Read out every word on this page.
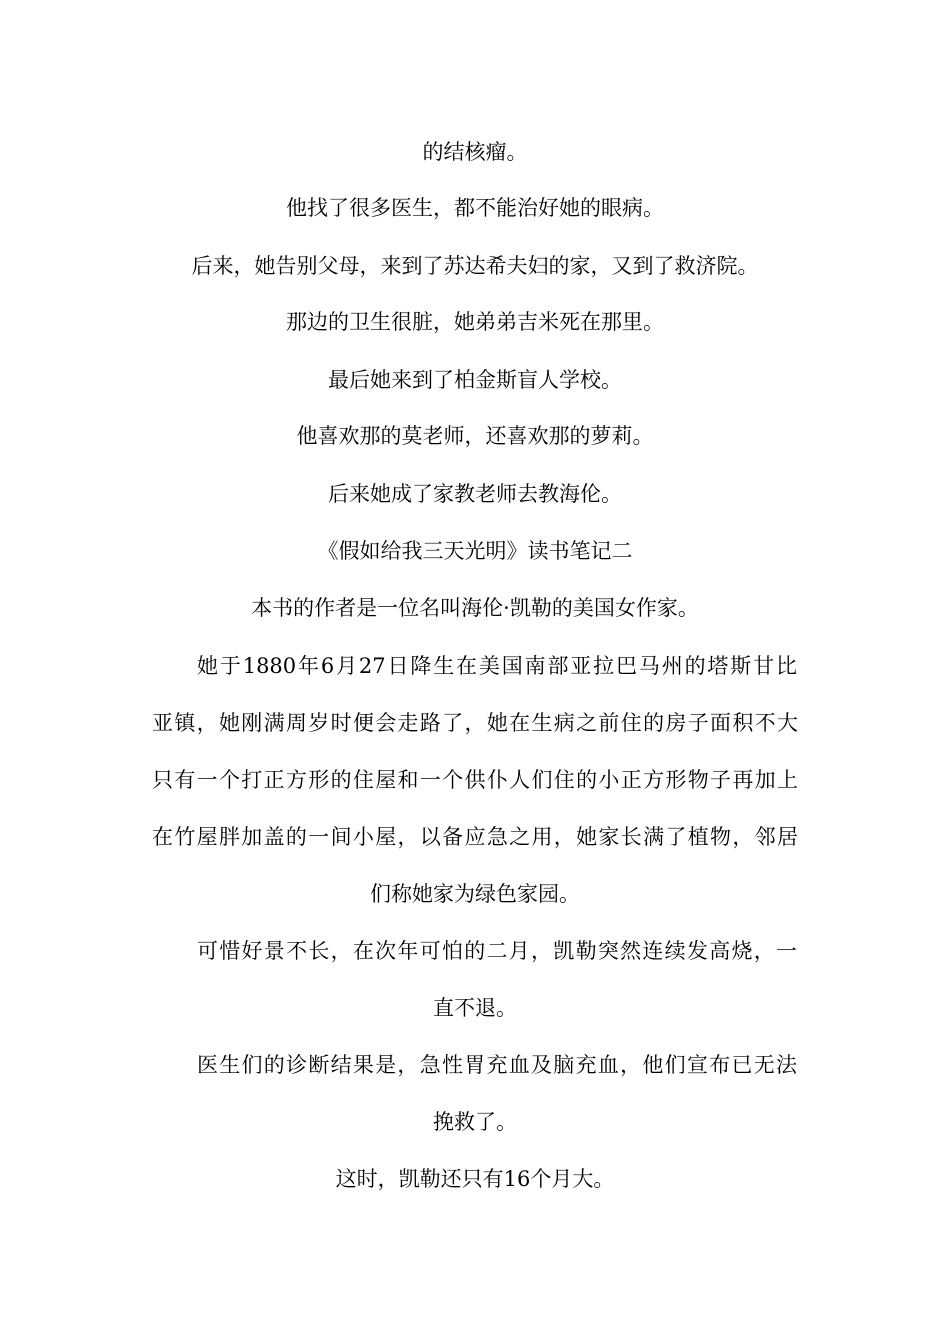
的结核瘤。
他找了很多医生，都不能治好她的眼病。
后来，她告别父母，来到了苏达希夫妇的家，又到了救济院。
那边的卫生很脏，她弟弟吉米死在那里。
最后她来到了柏金斯盲人学校。
他喜欢那的莫老师，还喜欢那的萝莉。
后来她成了家教老师去教海伦。
《假如给我三天光明》读书笔记二
本书的作者是一位名叫海伦·凯勒的美国女作家。
她于1880年6月27日降生在美国南部亚拉巴马州的塔斯甘比
亚镇，她刚满周岁时便会走路了，她在生病之前住的房子面积不大
只有一个打正方形的住屋和一个供仆人们住的小正方形物子再加上
在竹屋胖加盖的一间小屋，以备应急之用，她家长满了植物，邻居
们称她家为绿色家园。
可惜好景不长，在次年可怕的二月，凯勒突然连续发高烧，一
直不退。
医生们的诊断结果是，急性胃充血及脑充血，他们宣布已无法
挽救了。
这时，凯勒还只有16个月大。
